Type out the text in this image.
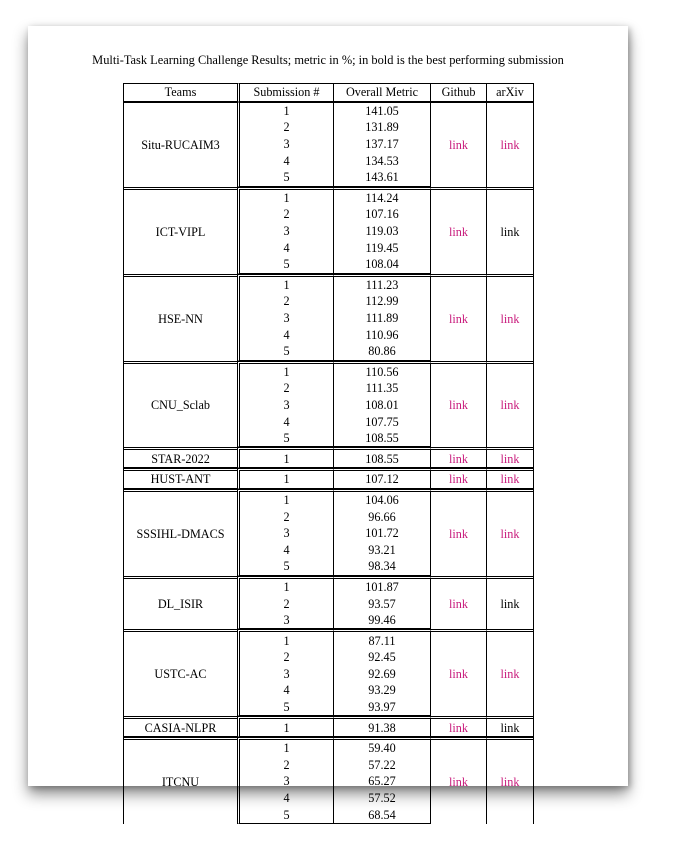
Multi-Task Learning Challenge Results; metric in %; in bold is the best performing submission
Teams	Submission #	Overall Metric	Github	arXiv
Situ-RUCAIM3	1	141.05	link	link
	2	131.89		
	3	137.17		
	4	134.53		
	5	143.61		
ICT-VIPL	1	114.24	link	link
	2	107.16		
	3	119.03		
	4	119.45		
	5	108.04		
HSE-NN	1	111.23	link	link
	2	112.99		
	3	111.89		
	4	110.96		
	5	80.86		
CNU_Sclab	1	110.56	link	link
	2	111.35		
	3	108.01		
	4	107.75		
	5	108.55		
STAR-2022	1	108.55	link	link
HUST-ANT	1	107.12	link	link
SSSIHL-DMACS	1	104.06	link	link
	2	96.66		
	3	101.72		
	4	93.21		
	5	98.34		
DL_ISIR	1	101.87	link	link
	2	93.57		
	3	99.46		
USTC-AC	1	87.11	link	link
	2	92.45		
	3	92.69		
	4	93.29		
	5	93.97		
CASIA-NLPR	1	91.38	link	link
ITCNU	1	59.40	link	link
	2	57.22		
	3	65.27		
	4	57.52		
	5	68.54		
